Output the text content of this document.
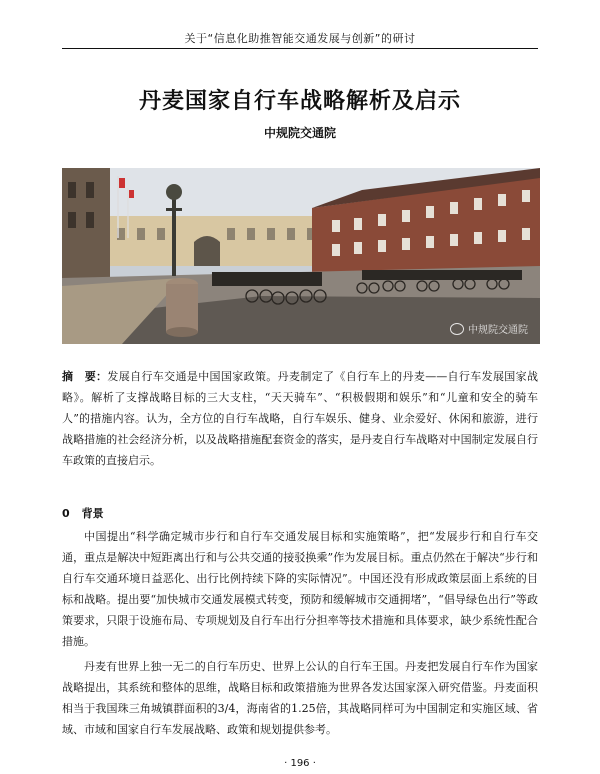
关于“信息化助推智能交通发展与创新”的研讨
丹麦国家自行车战略解析及启示
中规院交通院
中规院交通院
摘　要：发展自行车交通是中国国家政策。丹麦制定了《自行车上的丹麦——自行车发展国家战略》。解析了支撑战略目标的三大支柱，“天天骑车”、“积极假期和娱乐”和“儿童和安全的骑车人”的措施内容。认为，全方位的自行车战略，自行车娱乐、健身、业余爱好、休闲和旅游，进行战略措施的社会经济分析，以及战略措施配套资金的落实，是丹麦自行车战略对中国制定发展自行车政策的直接启示。
0 背景

中国提出“科学确定城市步行和自行车交通发展目标和实施策略”，把“发展步行和自行车交通，重点是解决中短距离出行和与公共交通的接驳换乘”作为发展目标。重点仍然在于解决“步行和自行车交通环境日益恶化、出行比例持续下降的实际情况”。中国还没有形成政策层面上系统的目标和战略。提出要“加快城市交通发展模式转变，预防和缓解城市交通拥堵”，“倡导绿色出行”等政策要求，只限于设施布局、专项规划及自行车出行分担率等技术措施和具体要求，缺少系统性配合措施。

丹麦有世界上独一无二的自行车历史、世界上公认的自行车王国。丹麦把发展自行车作为国家战略提出，其系统和整体的思维，战略目标和政策措施为世界各发达国家深入研究借鉴。丹麦面积相当于我国珠三角城镇群面积的3/4，海南省的1.25倍，其战略同样可为中国制定和实施区域、省域、市域和国家自行车发展战略、政策和规划提供参考。

· 196 ·
